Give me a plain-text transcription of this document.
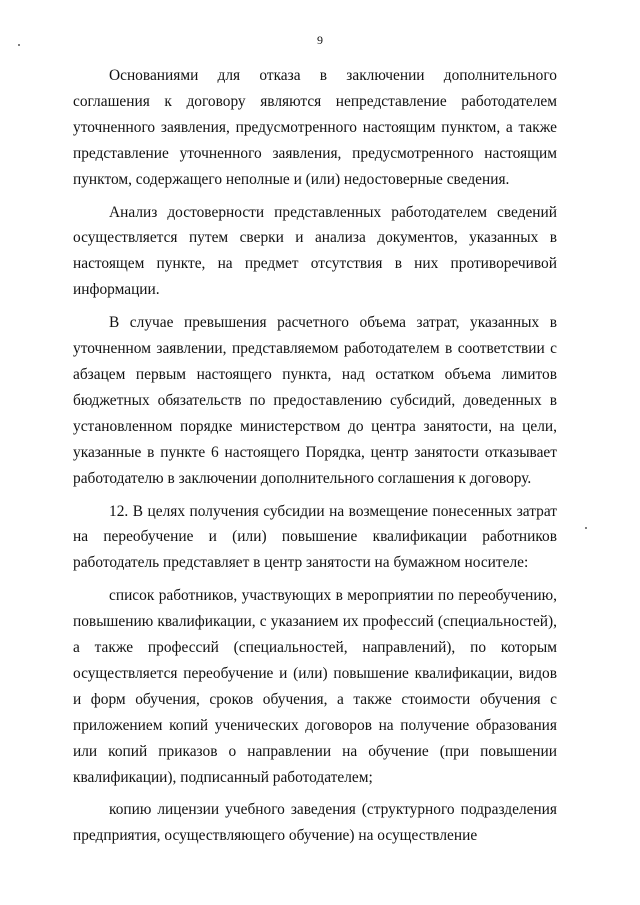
9

Основаниями для отказа в заключении дополнительного соглашения к договору являются непредставление работодателем уточненного заявления, предусмотренного настоящим пунктом, а также представление уточненного заявления, предусмотренного настоящим пунктом, содержащего неполные и (или) недостоверные сведения.

Анализ достоверности представленных работодателем сведений осуществляется путем сверки и анализа документов, указанных в настоящем пункте, на предмет отсутствия в них противоречивой информации.

В случае превышения расчетного объема затрат, указанных в уточненном заявлении, представляемом работодателем в соответствии с абзацем первым настоящего пункта, над остатком объема лимитов бюджетных обязательств по предоставлению субсидий, доведенных в установленном порядке министерством до центра занятости, на цели, указанные в пункте 6 настоящего Порядка, центр занятости отказывает работодателю в заключении дополнительного соглашения к договору.

12. В целях получения субсидии на возмещение понесенных затрат на переобучение и (или) повышение квалификации работников работодатель представляет в центр занятости на бумажном носителе:

список работников, участвующих в мероприятии по переобучению, повышению квалификации, с указанием их профессий (специальностей), а также профессий (специальностей, направлений), по которым осуществляется переобучение и (или) повышение квалификации, видов и форм обучения, сроков обучения, а также стоимости обучения с приложением копий ученических договоров на получение образования или копий приказов о направлении на обучение (при повышении квалификации), подписанный работодателем;

копию лицензии учебного заведения (структурного подразделения предприятия, осуществляющего обучение) на осуществление
